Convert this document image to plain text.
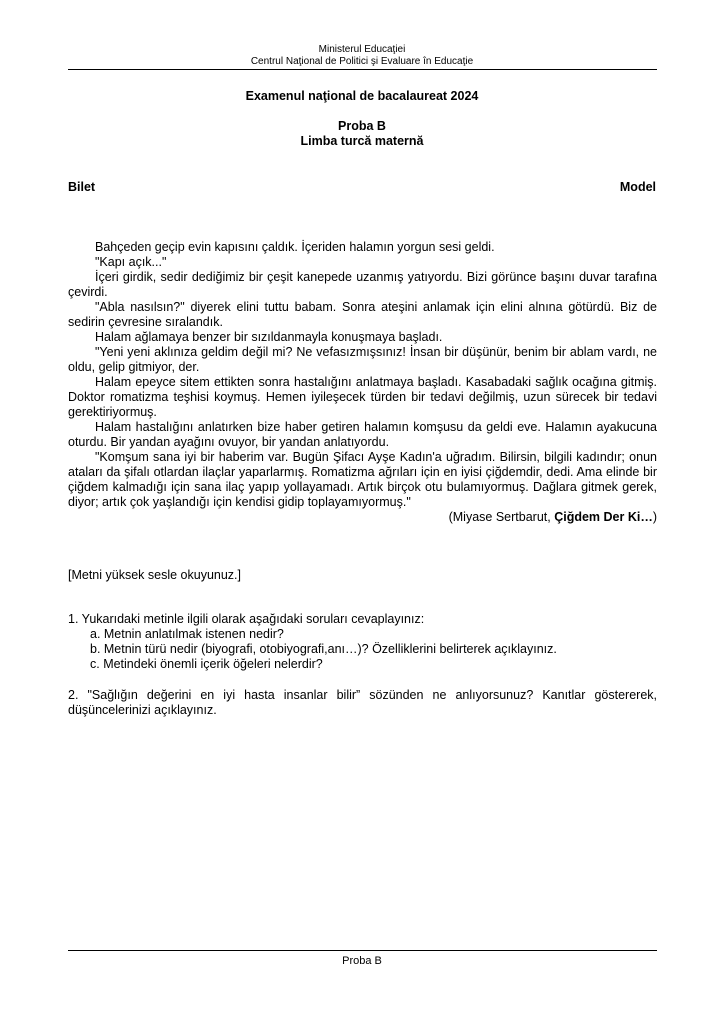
Ministerul Educaţiei
Centrul Naţional de Politici şi Evaluare în Educaţie
Examenul naţional de bacalaureat 2024
Proba B
Limba turcă maternă
Bilet	Model

Bahçeden geçip evin kapısını çaldık. İçeriden halamın yorgun sesi geldi.

"Kapı açık..."

İçeri girdik, sedir dediğimiz bir çeşit kanepede uzanmış yatıyordu. Bizi görünce başını duvar tarafına çevirdi.

"Abla nasılsın?" diyerek elini tuttu babam. Sonra ateşini anlamak için elini alnına götürdü. Biz de sedirin çevresine sıralandık.

Halam ağlamaya benzer bir sızıldanmayla konuşmaya başladı.

"Yeni yeni aklınıza geldim değil mi? Ne vefasızmışsınız! İnsan bir düşünür, benim bir ablam vardı, ne oldu, gelip gitmiyor, der.

Halam epeyce sitem ettikten sonra hastalığını anlatmaya başladı. Kasabadaki sağlık ocağına gitmiş. Doktor romatizma teşhisi koymuş. Hemen iyileşecek türden bir tedavi değilmiş, uzun sürecek bir tedavi gerektiriyormuş.

Halam hastalığını anlatırken bize haber getiren halamın komşusu da geldi eve. Halamın ayakucuna oturdu. Bir yandan ayağını ovuyor, bir yandan anlatıyordu.

"Komşum sana iyi bir haberim var. Bugün Şifacı Ayşe Kadın'a uğradım. Bilirsin, bilgili kadındır; onun ataları da şifalı otlardan ilaçlar yaparlarmış. Romatizma ağrıları için en iyisi çiğdemdir, dedi. Ama elinde bir çiğdem kalmadığı için sana ilaç yapıp yollayamadı. Artık birçok otu bulamıyormuş. Dağlara gitmek gerek, diyor; artık çok yaşlandığı için kendisi gidip toplayamıyormuş."

(Miyase Sertbarut, Çiğdem Der Ki…)

[Metni yüksek sesle okuyunuz.]
1. Yukarıdaki metinle ilgili olarak aşağıdaki soruları cevaplayınız:
a. Metnin anlatılmak istenen nedir?
b. Metnin türü nedir (biyografi, otobiyografi,anı…)? Özelliklerini belirterek açıklayınız.
c. Metindeki önemli içerik öğeleri nelerdir?
2. "Sağlığın değerini en iyi hasta insanlar bilir” sözünden ne anlıyorsunuz? Kanıtlar göstererek, düşüncelerinizi açıklayınız.
Proba B
